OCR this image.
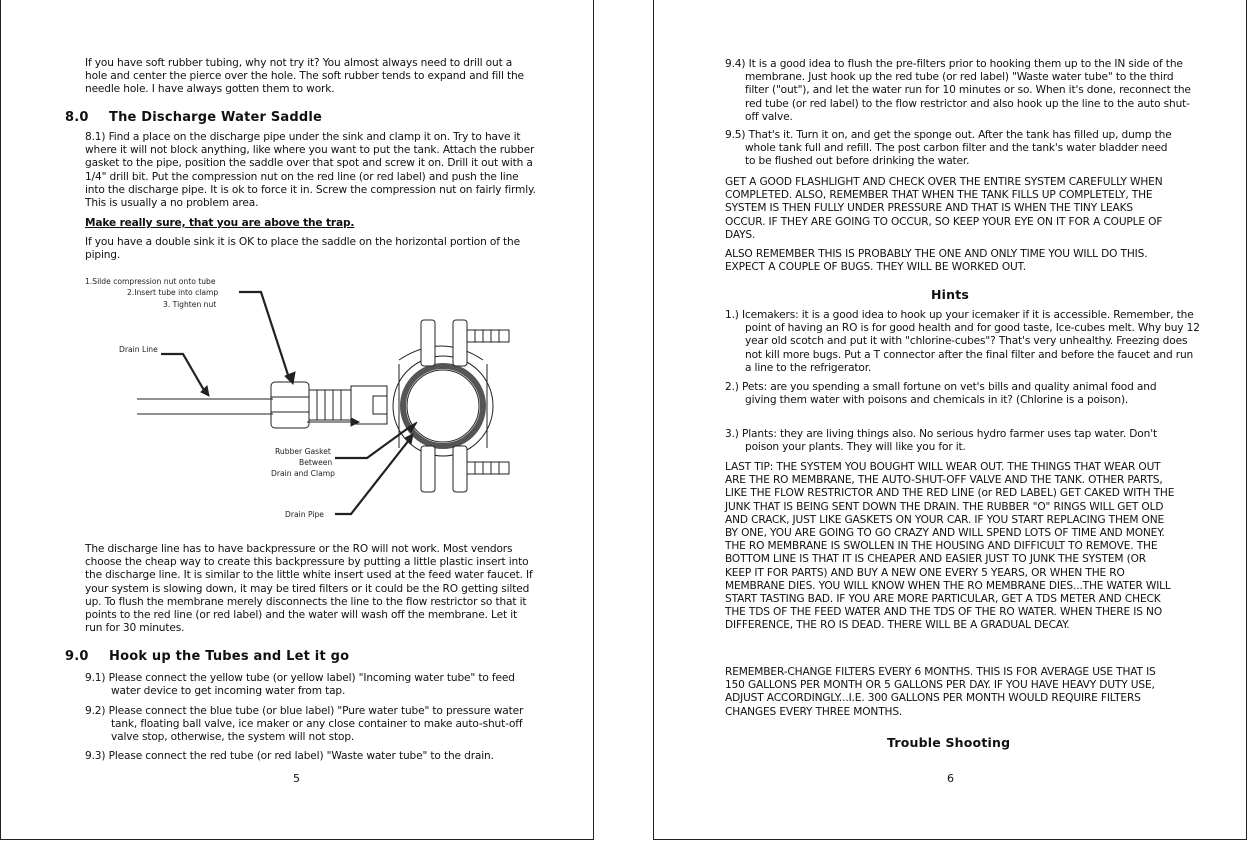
If you have soft rubber tubing, why not try it? You almost always need to drill out a hole and center the pierce over the hole. The soft rubber tends to expand and fill the needle hole. I have always gotten them to work.

8.0 The Discharge Water Saddle

8.1) Find a place on the discharge pipe under the sink and clamp it on. Try to have it where it will not block anything, like where you want to put the tank. Attach the rubber gasket to the pipe, position the saddle over that spot and screw it on. Drill it out with a 1/4" drill bit. Put the compression nut on the red line (or red label) and push the line into the discharge pipe. It is ok to force it in. Screw the compression nut on fairly firmly. This is usually a no problem area.

Make really sure, that you are above the trap.

If you have a double sink it is OK to place the saddle on the horizontal portion of the piping.

1.Silde compression nut onto tube
2.Insert tube into clamp
3. Tighten nut
Drain Line
Rubber Gasket
Between
Drain and Clamp
Drain Pipe

The discharge line has to have backpressure or the RO will not work. Most vendors choose the cheap way to create this backpressure by putting a little plastic insert into the discharge line. It is similar to the little white insert used at the feed water faucet. If your system is slowing down, it may be tired filters or it could be the RO getting silted up. To flush the membrane merely disconnects the line to the flow restrictor so that it points to the red line (or red label) and the water will wash off the membrane. Let it run for 30 minutes.

9.0 Hook up the Tubes and Let it go

9.1) Please connect the yellow tube (or yellow label) "Incoming water tube" to feed water device to get incoming water from tap.

9.2) Please connect the blue tube (or blue label) "Pure water tube" to pressure water tank, floating ball valve, ice maker or any close container to make auto-shut-off valve stop, otherwise, the system will not stop.

9.3) Please connect the red tube (or red label) "Waste water tube" to the drain.

5

9.4) It is a good idea to flush the pre-filters prior to hooking them up to the IN side of the membrane. Just hook up the red tube (or red label) "Waste water tube" to the third filter ("out"), and let the water run for 10 minutes or so. When it's done, reconnect the red tube (or red label) to the flow restrictor and also hook up the line to the auto shut-off valve.

9.5) That's it. Turn it on, and get the sponge out. After the tank has filled up, dump the whole tank full and refill. The post carbon filter and the tank's water bladder need to be flushed out before drinking the water.

GET A GOOD FLASHLIGHT AND CHECK OVER THE ENTIRE SYSTEM CAREFULLY WHEN COMPLETED. ALSO, REMEMBER THAT WHEN THE TANK FILLS UP COMPLETELY, THE SYSTEM IS THEN FULLY UNDER PRESSURE AND THAT IS WHEN THE TINY LEAKS OCCUR. IF THEY ARE GOING TO OCCUR, SO KEEP YOUR EYE ON IT FOR A COUPLE OF DAYS.

ALSO REMEMBER THIS IS PROBABLY THE ONE AND ONLY TIME YOU WILL DO THIS. EXPECT A COUPLE OF BUGS. THEY WILL BE WORKED OUT.

Hints

1.) Icemakers: it is a good idea to hook up your icemaker if it is accessible. Remember, the point of having an RO is for good health and for good taste, Ice-cubes melt. Why buy 12 year old scotch and put it with "chlorine-cubes"? That's very unhealthy. Freezing does not kill more bugs. Put a T connector after the final filter and before the faucet and run a line to the refrigerator.

2.) Pets: are you spending a small fortune on vet's bills and quality animal food and giving them water with poisons and chemicals in it? (Chlorine is a poison).

3.) Plants: they are living things also. No serious hydro farmer uses tap water. Don't poison your plants. They will like you for it.

LAST TIP: THE SYSTEM YOU BOUGHT WILL WEAR OUT. THE THINGS THAT WEAR OUT ARE THE RO MEMBRANE, THE AUTO-SHUT-OFF VALVE AND THE TANK. OTHER PARTS, LIKE THE FLOW RESTRICTOR AND THE RED LINE (or RED LABEL) GET CAKED WITH THE JUNK THAT IS BEING SENT DOWN THE DRAIN. THE RUBBER "O" RINGS WILL GET OLD AND CRACK, JUST LIKE GASKETS ON YOUR CAR. IF YOU START REPLACING THEM ONE BY ONE, YOU ARE GOING TO GO CRAZY AND WILL SPEND LOTS OF TIME AND MONEY. THE RO MEMBRANE IS SWOLLEN IN THE HOUSING AND DIFFICULT TO REMOVE. THE BOTTOM LINE IS THAT IT IS CHEAPER AND EASIER JUST TO JUNK THE SYSTEM (OR KEEP IT FOR PARTS) AND BUY A NEW ONE EVERY 5 YEARS, OR WHEN THE RO MEMBRANE DIES. YOU WILL KNOW WHEN THE RO MEMBRANE DIES...THE WATER WILL START TASTING BAD. IF YOU ARE MORE PARTICULAR, GET A TDS METER AND CHECK THE TDS OF THE FEED WATER AND THE TDS OF THE RO WATER. WHEN THERE IS NO DIFFERENCE, THE RO IS DEAD. THERE WILL BE A GRADUAL DECAY.

REMEMBER-CHANGE FILTERS EVERY 6 MONTHS. THIS IS FOR AVERAGE USE THAT IS 150 GALLONS PER MONTH OR 5 GALLONS PER DAY. IF YOU HAVE HEAVY DUTY USE, ADJUST ACCORDINGLY...I.E. 300 GALLONS PER MONTH WOULD REQUIRE FILTERS CHANGES EVERY THREE MONTHS.

Trouble Shooting
6
